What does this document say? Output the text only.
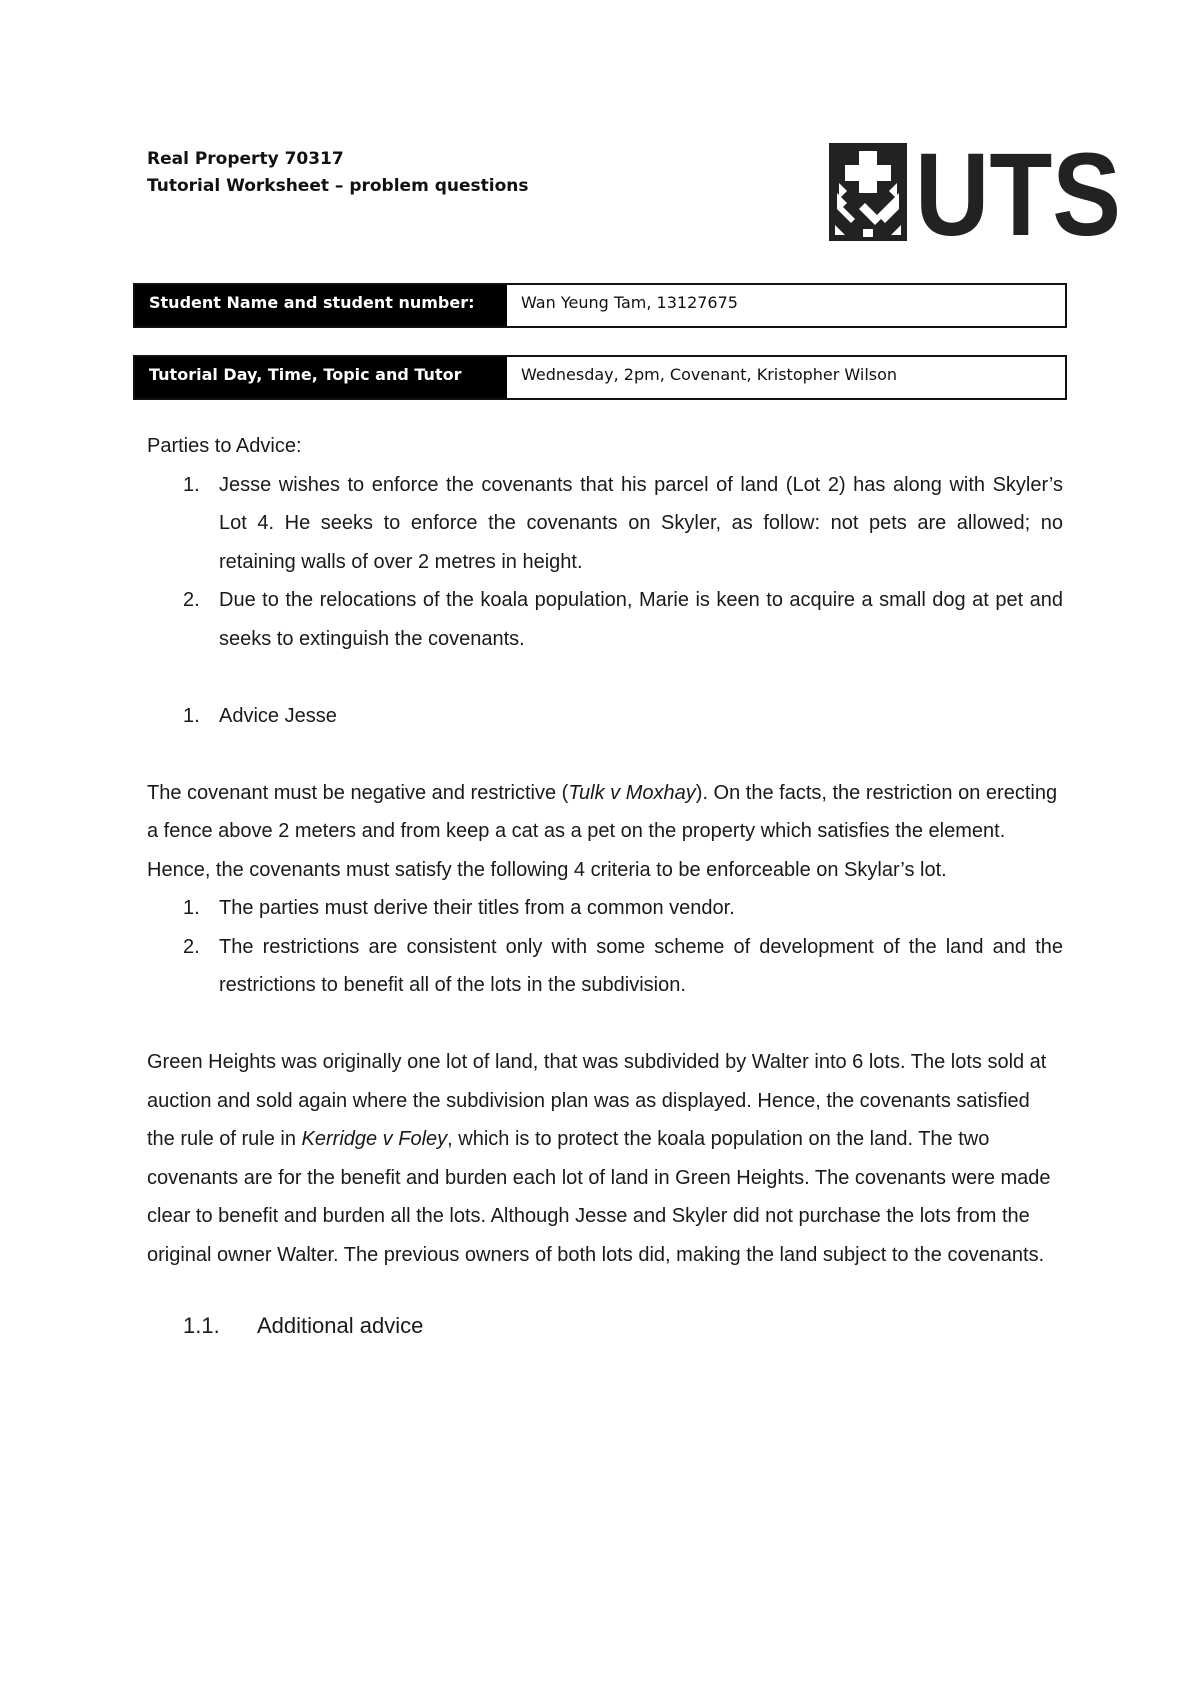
Real Property 70317
Tutorial Worksheet – problem questions	UTS
Student Name and student number:	Wan Yeung Tam, 13127675
Tutorial Day, Time, Topic and Tutor	Wednesday, 2pm, Covenant, Kristopher Wilson

Parties to Advice:

1. Jesse wishes to enforce the covenants that his parcel of land (Lot 2) has along with Skyler’s Lot 4. He seeks to enforce the covenants on Skyler, as follow: not pets are allowed; no retaining walls of over 2 metres in height.
2. Due to the relocations of the koala population, Marie is keen to acquire a small dog at pet and seeks to extinguish the covenants.
1. Advice Jesse

The covenant must be negative and restrictive (Tulk v Moxhay). On the facts, the restriction on erecting a fence above 2 meters and from keep a cat as a pet on the property which satisfies the element. Hence, the covenants must satisfy the following 4 criteria to be enforceable on Skylar’s lot.

1. The parties must derive their titles from a common vendor.
2. The restrictions are consistent only with some scheme of development of the land and the restrictions to benefit all of the lots in the subdivision.

Green Heights was originally one lot of land, that was subdivided by Walter into 6 lots. The lots sold at auction and sold again where the subdivision plan was as displayed. Hence, the covenants satisfied the rule of rule in Kerridge v Foley, which is to protect the koala population on the land. The two covenants are for the benefit and burden each lot of land in Green Heights. The covenants were made clear to benefit and burden all the lots. Although Jesse and Skyler did not purchase the lots from the original owner Walter. The previous owners of both lots did, making the land subject to the covenants.

1.1.	Additional advice
